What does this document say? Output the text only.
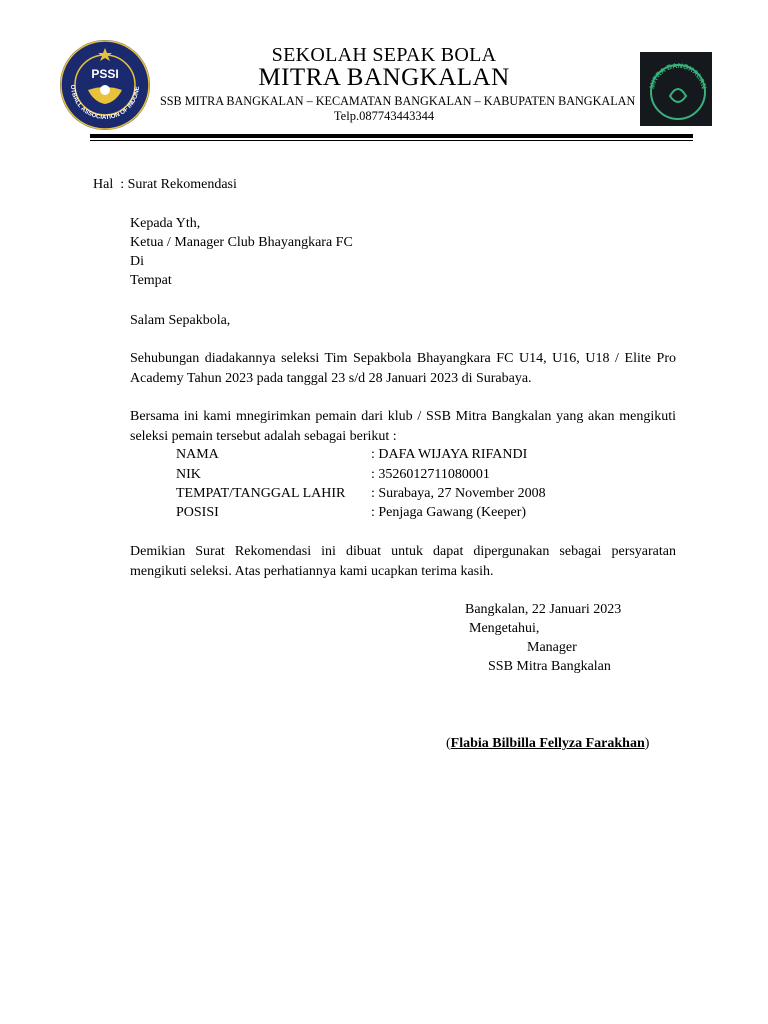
PSSI
OTBALL ASSOCIATION OF INDONE
SEKOLAH SEPAK BOLA
MITRA BANGKALAN
SSB MITRA BANGKALAN – KECAMATAN BANGKALAN – KABUPATEN BANGKALAN
Telp.087743443344
MITRA BANGKALAN
Hal  : Surat Rekomendasi
Kepada Yth,
Ketua / Manager Club Bhayangkara FC
Di
Tempat
Salam Sepakbola,
Sehubungan diadakannya seleksi Tim Sepakbola Bhayangkara FC U14, U16, U18 / Elite Pro Academy Tahun 2023 pada tanggal 23 s/d 28 Januari 2023 di Surabaya.
Bersama ini kami mnegirimkan pemain dari klub / SSB Mitra Bangkalan yang akan mengikuti seleksi pemain tersebut adalah sebagai berikut :
NAMA	: DAFA WIJAYA RIFANDI
NIK	: 3526012711080001
TEMPAT/TANGGAL LAHIR : Surabaya, 27 November 2008
POSISI	: Penjaga Gawang (Keeper)
Demikian Surat Rekomendasi ini dibuat untuk dapat dipergunakan sebagai persyaratan mengikuti seleksi. Atas perhatiannya kami ucapkan terima kasih.
Bangkalan, 22 Januari 2023
Mengetahui,
Manager
SSB Mitra Bangkalan
(Flabia Bilbilla Fellyza Farakhan)
